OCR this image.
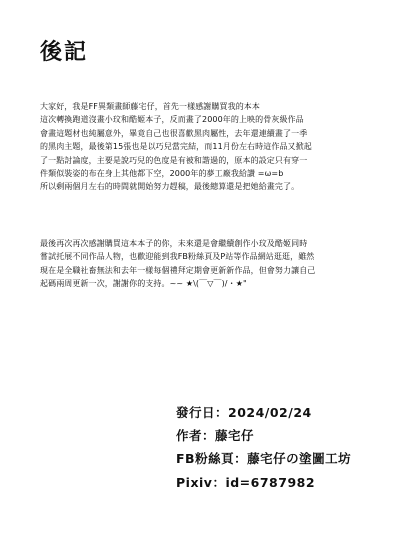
後記
大家好，我是FF異類畫師藤宅仔，首先一樣感謝購買我的本本
這次轉換跑道沒畫小玟和酷姬本子，反而畫了2000年的上映的骨灰級作品
會畫這題材也純屬意外，畢竟自己也很喜歡黑肉屬性，去年還連續畫了一季
的黑肉主題，最後第15張也是以巧兒當完結，而11月份左右時這作品又掀起
了一點討論度，主要是說巧兒的色度是有被和諧過的，原本的設定只有穿一
件類似裝姿的布在身上其他都下空，2000年的夢工廠我給讚 =ω=b
所以剩兩個月左右的時間就開始努力趕稿，最後總算還是把她給畫完了。
最後再次再次感謝購買這本本子的你，未來還是會繼續創作小玟及酷姬同時
嘗試托展不同作品人物，也歡迎能到我FB粉絲頁及P站等作品網站逛逛，雖然
現在是全職社畜無法和去年一樣每個禮拜定期會更新新作品，但會努力讓自己
起碼兩周更新一次，謝謝你的支持。~~ ★\(￣▽￣)/・★"
發行日：2024/02/24
作者：藤宅仔
FB粉絲頁：藤宅仔の塗圖工坊
Pixiv：id=6787982
